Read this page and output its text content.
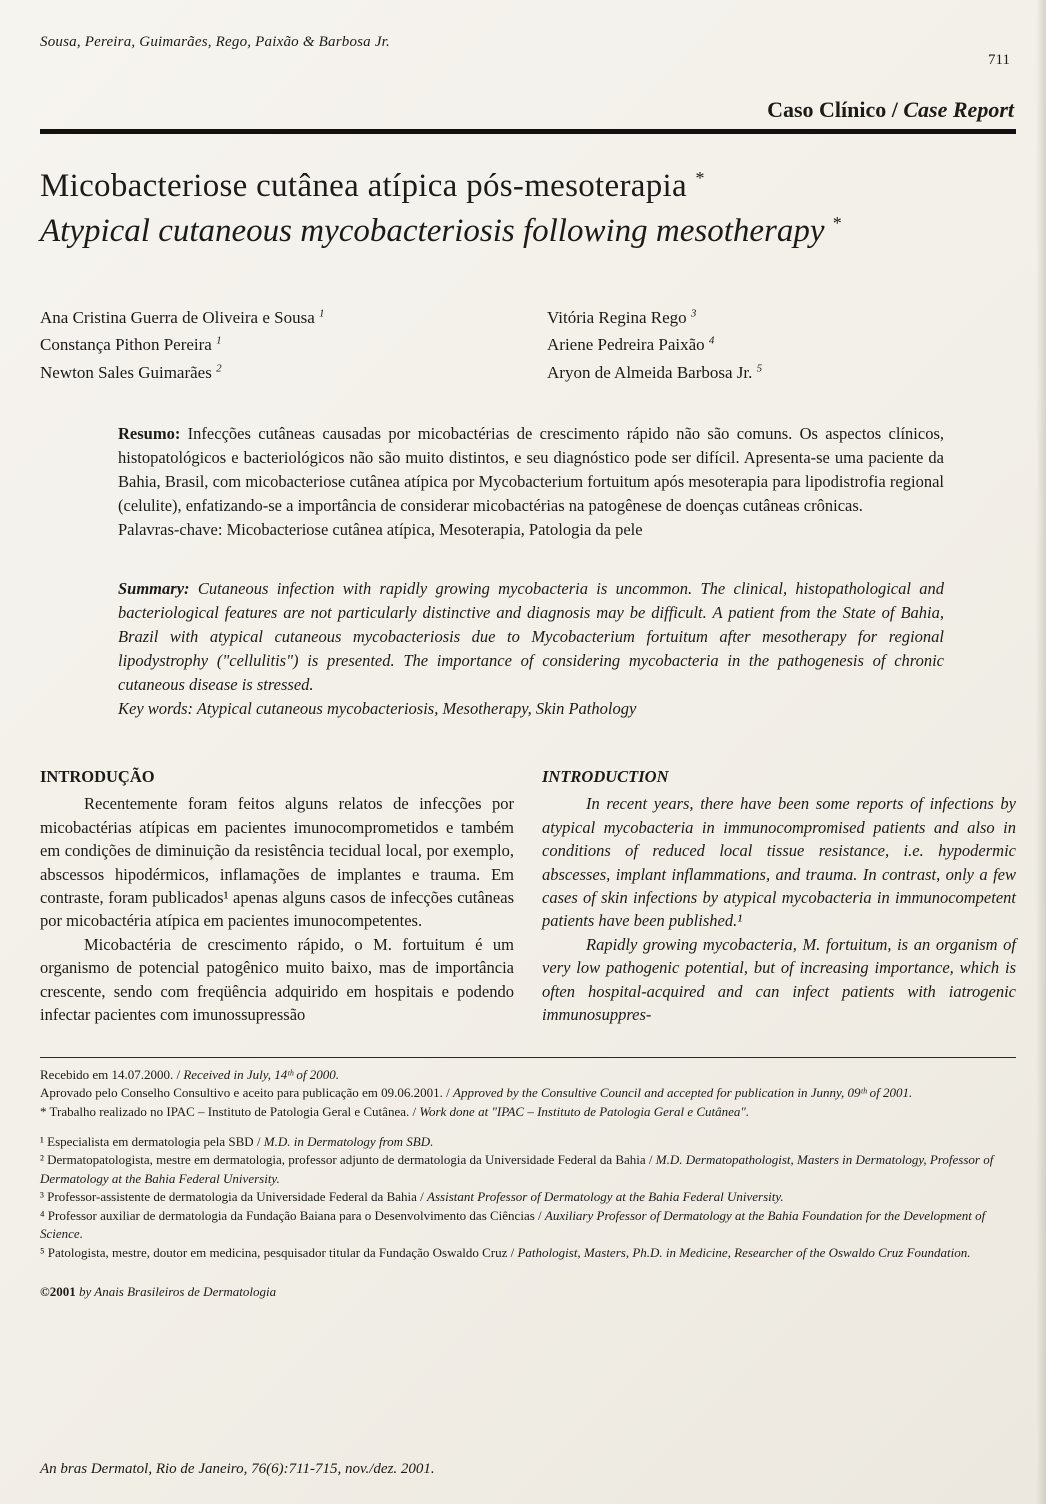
Sousa, Pereira, Guimarães, Rego, Paixão & Barbosa Jr.
711
Caso Clínico / Case Report
Micobacteriose cutânea atípica pós-mesoterapia *
Atypical cutaneous mycobacteriosis following mesotherapy *
Ana Cristina Guerra de Oliveira e Sousa $^1$
Constança Pithon Pereira $^1$
Newton Sales Guimarães $^2$
Vitória Regina Rego $^3$
Ariene Pedreira Paixão $^4$
Aryon de Almeida Barbosa Jr. $^5$
Resumo: Infecções cutâneas causadas por micobactérias de crescimento rápido não são comuns. Os aspectos clínicos, histopatológicos e bacteriológicos não são muito distintos, e seu diagnóstico pode ser difícil. Apresenta-se uma paciente da Bahia, Brasil, com micobacteriose cutânea atípica por Mycobacterium fortuitum após mesoterapia para lipodistrofia regional (celulite), enfatizando-se a importância de considerar micobactérias na patogênese de doenças cutâneas crônicas.
Palavras-chave: Micobacteriose cutânea atípica, Mesoterapia, Patologia da pele
Summary: Cutaneous infection with rapidly growing mycobacteria is uncommon. The clinical, histopathological and bacteriological features are not particularly distinctive and diagnosis may be difficult. A patient from the State of Bahia, Brazil with atypical cutaneous mycobacteriosis due to Mycobacterium fortuitum after mesotherapy for regional lipodystrophy ("cellulitis") is presented. The importance of considering mycobacteria in the pathogenesis of chronic cutaneous disease is stressed.
Key words: Atypical cutaneous mycobacteriosis, Mesotherapy, Skin Pathology
INTRODUÇÃO

Recentemente foram feitos alguns relatos de infecções por micobactérias atípicas em pacientes imunocomprometidos e também em condições de diminuição da resistência tecidual local, por exemplo, abscessos hipodérmicos, inflamações de implantes e trauma. Em contraste, foram publicados¹ apenas alguns casos de infecções cutâneas por micobactéria atípica em pacientes imunocompetentes.

Micobactéria de crescimento rápido, o M. fortuitum é um organismo de potencial patogênico muito baixo, mas de importância crescente, sendo com freqüência adquirido em hospitais e podendo infectar pacientes com imunossupressão

INTRODUCTION

In recent years, there have been some reports of infections by atypical mycobacteria in immunocompromised patients and also in conditions of reduced local tissue resistance, i.e. hypodermic abscesses, implant inflammations, and trauma. In contrast, only a few cases of skin infections by atypical mycobacteria in immunocompetent patients have been published.¹

Rapidly growing mycobacteria, M. fortuitum, is an organism of very low pathogenic potential, but of increasing importance, which is often hospital-acquired and can infect patients with iatrogenic immunosuppres-

Recebido em 14.07.2000. / Received in July, 14ᵗʰ of 2000.

Aprovado pelo Conselho Consultivo e aceito para publicação em 09.06.2001. / Approved by the Consultive Council and accepted for publication in Junny, 09ᵗʰ of 2001.

* Trabalho realizado no IPAC – Instituto de Patologia Geral e Cutânea. / Work done at "IPAC – Instituto de Patologia Geral e Cutânea".

¹ Especialista em dermatologia pela SBD / M.D. in Dermatology from SBD.

² Dermatopatologista, mestre em dermatologia, professor adjunto de dermatologia da Universidade Federal da Bahia / M.D. Dermatopathologist, Masters in Dermatology, Professor of Dermatology at the Bahia Federal University.

³ Professor-assistente de dermatologia da Universidade Federal da Bahia / Assistant Professor of Dermatology at the Bahia Federal University.

⁴ Professor auxiliar de dermatologia da Fundação Baiana para o Desenvolvimento das Ciências / Auxiliary Professor of Dermatology at the Bahia Foundation for the Development of Science.

⁵ Patologista, mestre, doutor em medicina, pesquisador titular da Fundação Oswaldo Cruz / Pathologist, Masters, Ph.D. in Medicine, Researcher of the Oswaldo Cruz Foundation.

©2001 by Anais Brasileiros de Dermatologia
An bras Dermatol, Rio de Janeiro, 76(6):711-715, nov./dez. 2001.
